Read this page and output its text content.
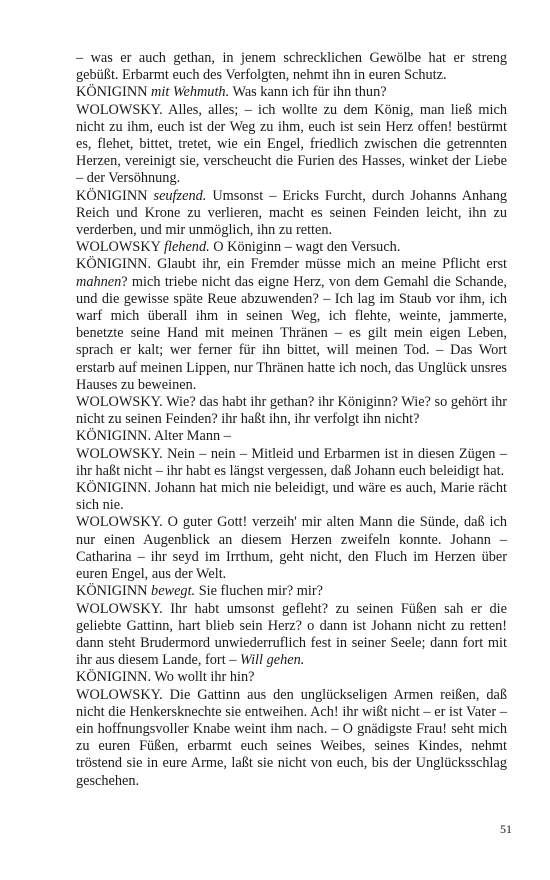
– was er auch gethan, in jenem schrecklichen Gewölbe hat er streng gebüßt. Erbarmt euch des Verfolgten, nehmt ihn in euren Schutz.

KÖNIGINN mit Wehmuth. Was kann ich für ihn thun?

WOLOWSKY. Alles, alles; – ich wollte zu dem König, man ließ mich nicht zu ihm, euch ist der Weg zu ihm, euch ist sein Herz offen! bestürmt es, flehet, bittet, tretet, wie ein Engel, friedlich zwischen die getrennten Herzen, vereinigt sie, verscheucht die Furien des Hasses, winket der Liebe – der Versöhnung.

KÖNIGINN seufzend. Umsonst – Ericks Furcht, durch Johanns Anhang Reich und Krone zu verlieren, macht es seinen Feinden leicht, ihn zu verderben, und mir unmöglich, ihn zu retten.

WOLOWSKY flehend. O Königinn – wagt den Versuch.

KÖNIGINN. Glaubt ihr, ein Fremder müsse mich an meine Pflicht erst mahnen? mich triebe nicht das eigne Herz, von dem Gemahl die Schande, und die gewisse späte Reue abzuwenden? – Ich lag im Staub vor ihm, ich warf mich überall ihm in seinen Weg, ich flehte, weinte, jammerte, benetzte seine Hand mit meinen Thränen – es gilt mein eigen Leben, sprach er kalt; wer ferner für ihn bittet, will meinen Tod. – Das Wort erstarb auf meinen Lippen, nur Thränen hatte ich noch, das Unglück unsres Hauses zu beweinen.

WOLOWSKY. Wie? das habt ihr gethan? ihr Königinn? Wie? so gehört ihr nicht zu seinen Feinden? ihr haßt ihn, ihr verfolgt ihn nicht?

KÖNIGINN. Alter Mann –

WOLOWSKY. Nein – nein – Mitleid und Erbarmen ist in diesen Zügen – ihr haßt nicht – ihr habt es längst vergessen, daß Johann euch beleidigt hat.

KÖNIGINN. Johann hat mich nie beleidigt, und wäre es auch, Marie rächt sich nie.

WOLOWSKY. O guter Gott! verzeih' mir alten Mann die Sünde, daß ich nur einen Augenblick an diesem Herzen zweifeln konnte. Johann – Catharina – ihr seyd im Irrthum, geht nicht, den Fluch im Herzen über euren Engel, aus der Welt.

KÖNIGINN bewegt. Sie fluchen mir? mir?

WOLOWSKY. Ihr habt umsonst gefleht? zu seinen Füßen sah er die geliebte Gattinn, hart blieb sein Herz? o dann ist Johann nicht zu retten! dann steht Brudermord unwiederruflich fest in seiner Seele; dann fort mit ihr aus diesem Lande, fort – Will gehen.

KÖNIGINN. Wo wollt ihr hin?

WOLOWSKY. Die Gattinn aus den unglückseligen Armen reißen, daß nicht die Henkersknechte sie entweihen. Ach! ihr wißt nicht – er ist Vater – ein hoffnungsvoller Knabe weint ihm nach. – O gnädigste Frau! seht mich zu euren Füßen, erbarmt euch seines Weibes, seines Kindes, nehmt tröstend sie in eure Arme, laßt sie nicht von euch, bis der Unglücksschlag geschehen.

51
